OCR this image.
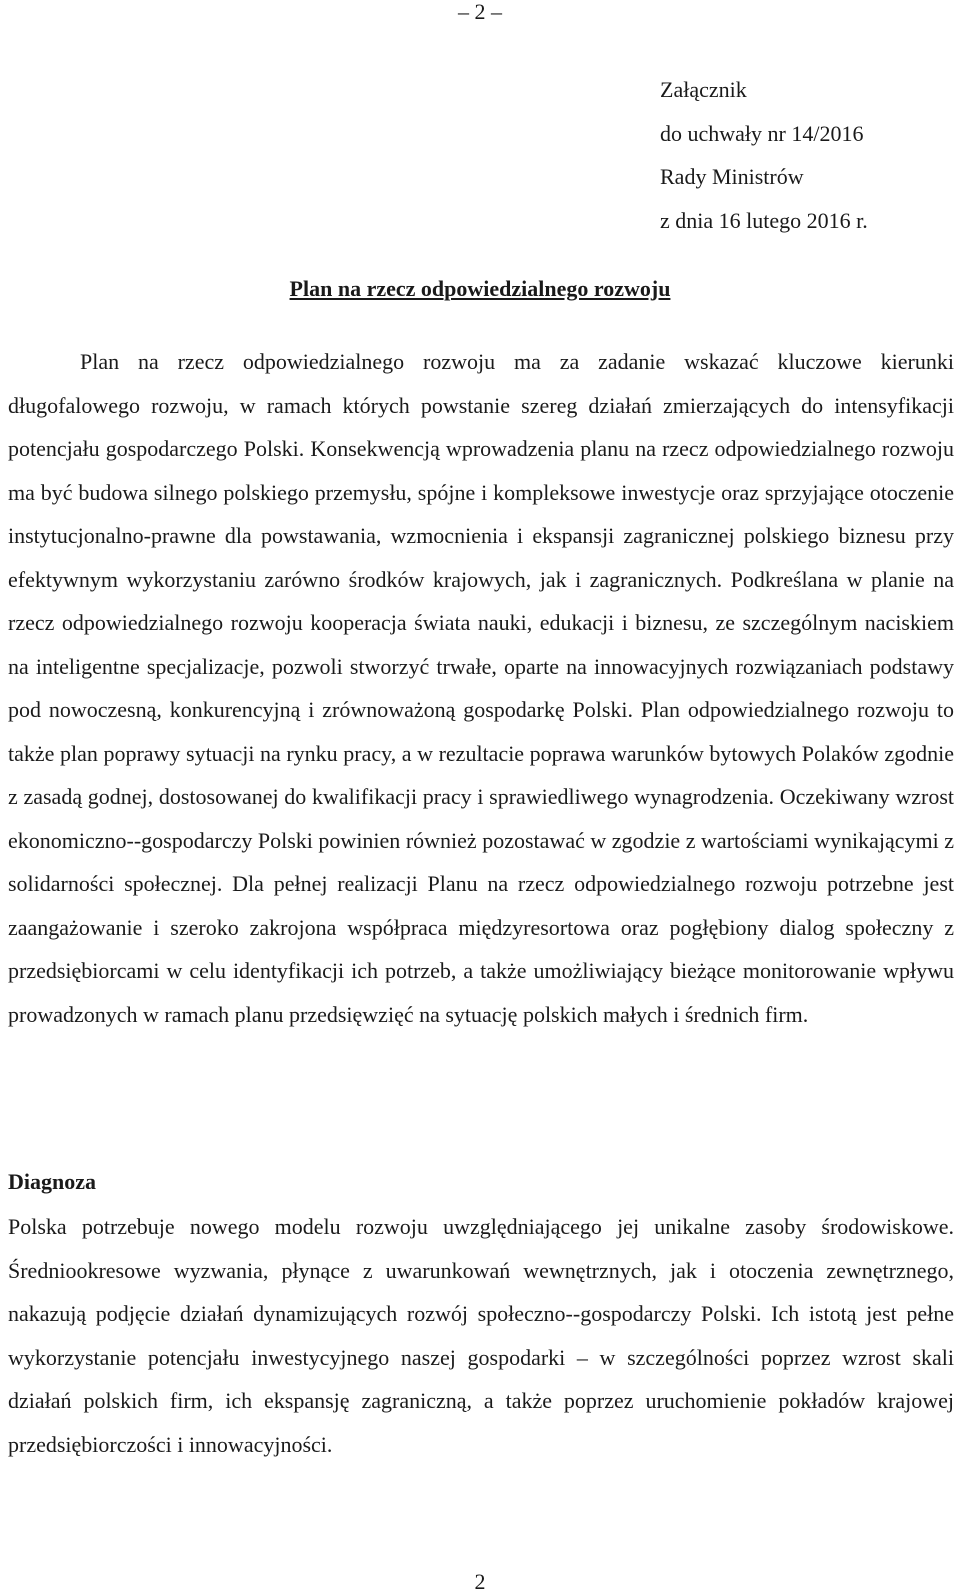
– 2 –
Załącznik
do uchwały nr 14/2016
Rady Ministrów
z dnia 16 lutego 2016 r.
Plan na rzecz odpowiedzialnego rozwoju

Plan na rzecz odpowiedzialnego rozwoju ma za zadanie wskazać kluczowe kierunki długofalowego rozwoju, w ramach których powstanie szereg działań zmierzających do intensyfikacji potencjału gospodarczego Polski. Konsekwencją wprowadzenia planu na rzecz odpowiedzialnego rozwoju ma być budowa silnego polskiego przemysłu, spójne i kompleksowe inwestycje oraz sprzyjające otoczenie instytucjonalno-prawne dla powstawania, wzmocnienia i ekspansji zagranicznej polskiego biznesu przy efektywnym wykorzystaniu zarówno środków krajowych, jak i zagranicznych. Podkreślana w planie na rzecz odpowiedzialnego rozwoju kooperacja świata nauki, edukacji i biznesu, ze szczególnym naciskiem na inteligentne specjalizacje, pozwoli stworzyć trwałe, oparte na innowacyjnych rozwiązaniach podstawy pod nowoczesną, konkurencyjną i zrównoważoną gospodarkę Polski. Plan odpowiedzialnego rozwoju to także plan poprawy sytuacji na rynku pracy, a w rezultacie poprawa warunków bytowych Polaków zgodnie z zasadą godnej, dostosowanej do kwalifikacji pracy i sprawiedliwego wynagrodzenia. Oczekiwany wzrost ekonomiczno-‑gospodarczy Polski powinien również pozostawać w zgodzie z wartościami wynikającymi z solidarności społecznej. Dla pełnej realizacji Planu na rzecz odpowiedzialnego rozwoju potrzebne jest zaangażowanie i szeroko zakrojona współpraca międzyresortowa oraz pogłębiony dialog społeczny z przedsiębiorcami w celu identyfikacji ich potrzeb, a także umożliwiający bieżące monitorowanie wpływu prowadzonych w ramach planu przedsięwzięć na sytuację polskich małych i średnich firm.

Diagnoza

Polska potrzebuje nowego modelu rozwoju uwzględniającego jej unikalne zasoby środowiskowe. Średniookresowe wyzwania, płynące z uwarunkowań wewnętrznych, jak i otoczenia zewnętrznego, nakazują podjęcie działań dynamizujących rozwój społeczno-‑gospodarczy Polski. Ich istotą jest pełne wykorzystanie potencjału inwestycyjnego naszej gospodarki – w szczególności poprzez wzrost skali działań polskich firm, ich ekspansję zagraniczną, a także poprzez uruchomienie pokładów krajowej przedsiębiorczości i innowacyjności.

2
